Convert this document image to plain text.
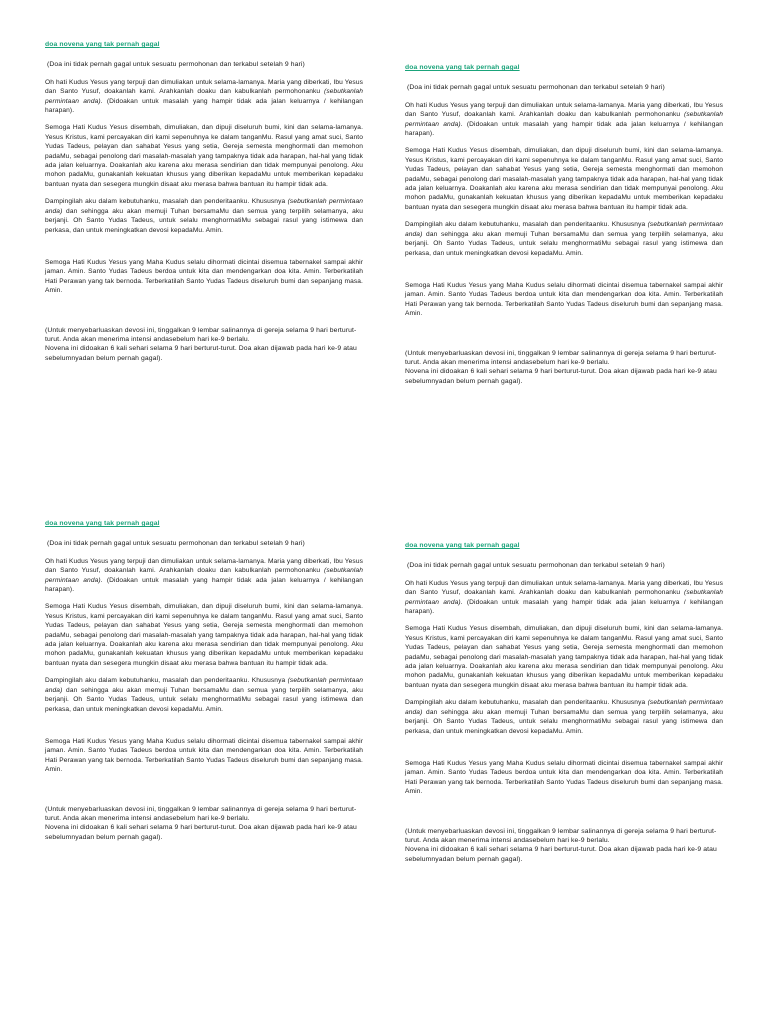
doa novena yang tak pernah gagal
(Doa ini tidak pernah gagal untuk sesuatu permohonan dan terkabul setelah 9 hari)
Oh hati Kudus Yesus yang terpuji dan dimuliakan untuk selama-lamanya. Maria yang diberkati, Ibu Yesus dan Santo Yusuf, doakanlah kami. Arahkanlah doaku dan kabulkanlah permohonanku (sebutkanlah permintaan anda). (Didoakan untuk masalah yang hampir tidak ada jalan keluarnya / kehilangan harapan).
Semoga Hati Kudus Yesus disembah, dimuliakan, dan dipuji diseluruh bumi, kini dan selama-lamanya. Yesus Kristus, kami percayakan diri kami sepenuhnya ke dalam tanganMu. Rasul yang amat suci, Santo Yudas Tadeus, pelayan dan sahabat Yesus yang setia, Gereja semesta menghormati dan memohon padaMu, sebagai penolong dari masalah-masalah yang tampaknya tidak ada harapan, hal-hal yang tidak ada jalan keluarnya. Doakanlah aku karena aku merasa sendirian dan tidak mempunyai penolong. Aku mohon padaMu, gunakanlah kekuatan khusus yang diberikan kepadaMu untuk memberikan kepadaku bantuan nyata dan sesegera mungkin disaat aku merasa bahwa bantuan itu hampir tidak ada.
Dampingilah aku dalam kebutuhanku, masalah dan penderitaanku. Khususnya (sebutkanlah permintaan anda) dan sehingga aku akan memuji Tuhan bersamaMu dan semua yang terpilih selamanya, aku berjanji. Oh Santo Yudas Tadeus, untuk selalu menghormatiMu sebagai rasul yang istimewa dan perkasa, dan untuk meningkatkan devosi kepadaMu. Amin.
Semoga Hati Kudus Yesus yang Maha Kudus selalu dihormati dicintai disemua tabernakel sampai akhir jaman. Amin. Santo Yudas Tadeus berdoa untuk kita dan mendengarkan doa kita. Amin. Terberkatilah Hati Perawan yang tak bernoda. Terberkatilah Santo Yudas Tadeus diseluruh bumi dan sepanjang masa. Amin.
(Untuk menyebarluaskan devosi ini, tinggalkan 9 lembar salinannya di gereja selama 9 hari berturut-turut. Anda akan menerima intensi andasebelum hari ke-9 berlalu.
Novena ini didoakan 6 kali sehari selama 9 hari berturut-turut. Doa akan dijawab pada hari ke-9 atau sebelumnyadan belum pernah gagal).
doa novena yang tak pernah gagal
(Doa ini tidak pernah gagal untuk sesuatu permohonan dan terkabul setelah 9 hari)
Oh hati Kudus Yesus yang terpuji dan dimuliakan untuk selama-lamanya. Maria yang diberkati, Ibu Yesus dan Santo Yusuf, doakanlah kami. Arahkanlah doaku dan kabulkanlah permohonanku (sebutkanlah permintaan anda). (Didoakan untuk masalah yang hampir tidak ada jalan keluarnya / kehilangan harapan).
Semoga Hati Kudus Yesus disembah, dimuliakan, dan dipuji diseluruh bumi, kini dan selama-lamanya. Yesus Kristus, kami percayakan diri kami sepenuhnya ke dalam tanganMu. Rasul yang amat suci, Santo Yudas Tadeus, pelayan dan sahabat Yesus yang setia, Gereja semesta menghormati dan memohon padaMu, sebagai penolong dari masalah-masalah yang tampaknya tidak ada harapan, hal-hal yang tidak ada jalan keluarnya. Doakanlah aku karena aku merasa sendirian dan tidak mempunyai penolong. Aku mohon padaMu, gunakanlah kekuatan khusus yang diberikan kepadaMu untuk memberikan kepadaku bantuan nyata dan sesegera mungkin disaat aku merasa bahwa bantuan itu hampir tidak ada.
Dampingilah aku dalam kebutuhanku, masalah dan penderitaanku. Khususnya (sebutkanlah permintaan anda) dan sehingga aku akan memuji Tuhan bersamaMu dan semua yang terpilih selamanya, aku berjanji. Oh Santo Yudas Tadeus, untuk selalu menghormatiMu sebagai rasul yang istimewa dan perkasa, dan untuk meningkatkan devosi kepadaMu. Amin.
Semoga Hati Kudus Yesus yang Maha Kudus selalu dihormati dicintai disemua tabernakel sampai akhir jaman. Amin. Santo Yudas Tadeus berdoa untuk kita dan mendengarkan doa kita. Amin. Terberkatilah Hati Perawan yang tak bernoda. Terberkatilah Santo Yudas Tadeus diseluruh bumi dan sepanjang masa. Amin.
(Untuk menyebarluaskan devosi ini, tinggalkan 9 lembar salinannya di gereja selama 9 hari berturut-turut. Anda akan menerima intensi andasebelum hari ke-9 berlalu.
Novena ini didoakan 6 kali sehari selama 9 hari berturut-turut. Doa akan dijawab pada hari ke-9 atau sebelumnyadan belum pernah gagal).
doa novena yang tak pernah gagal
(Doa ini tidak pernah gagal untuk sesuatu permohonan dan terkabul setelah 9 hari)
Oh hati Kudus Yesus yang terpuji dan dimuliakan untuk selama-lamanya. Maria yang diberkati, Ibu Yesus dan Santo Yusuf, doakanlah kami. Arahkanlah doaku dan kabulkanlah permohonanku (sebutkanlah permintaan anda). (Didoakan untuk masalah yang hampir tidak ada jalan keluarnya / kehilangan harapan).
Semoga Hati Kudus Yesus disembah, dimuliakan, dan dipuji diseluruh bumi, kini dan selama-lamanya. Yesus Kristus, kami percayakan diri kami sepenuhnya ke dalam tanganMu. Rasul yang amat suci, Santo Yudas Tadeus, pelayan dan sahabat Yesus yang setia, Gereja semesta menghormati dan memohon padaMu, sebagai penolong dari masalah-masalah yang tampaknya tidak ada harapan, hal-hal yang tidak ada jalan keluarnya. Doakanlah aku karena aku merasa sendirian dan tidak mempunyai penolong. Aku mohon padaMu, gunakanlah kekuatan khusus yang diberikan kepadaMu untuk memberikan kepadaku bantuan nyata dan sesegera mungkin disaat aku merasa bahwa bantuan itu hampir tidak ada.
Dampingilah aku dalam kebutuhanku, masalah dan penderitaanku. Khususnya (sebutkanlah permintaan anda) dan sehingga aku akan memuji Tuhan bersamaMu dan semua yang terpilih selamanya, aku berjanji. Oh Santo Yudas Tadeus, untuk selalu menghormatiMu sebagai rasul yang istimewa dan perkasa, dan untuk meningkatkan devosi kepadaMu. Amin.
Semoga Hati Kudus Yesus yang Maha Kudus selalu dihormati dicintai disemua tabernakel sampai akhir jaman. Amin. Santo Yudas Tadeus berdoa untuk kita dan mendengarkan doa kita. Amin. Terberkatilah Hati Perawan yang tak bernoda. Terberkatilah Santo Yudas Tadeus diseluruh bumi dan sepanjang masa. Amin.
(Untuk menyebarluaskan devosi ini, tinggalkan 9 lembar salinannya di gereja selama 9 hari berturut-turut. Anda akan menerima intensi andasebelum hari ke-9 berlalu.
Novena ini didoakan 6 kali sehari selama 9 hari berturut-turut. Doa akan dijawab pada hari ke-9 atau sebelumnyadan belum pernah gagal).
doa novena yang tak pernah gagal
(Doa ini tidak pernah gagal untuk sesuatu permohonan dan terkabul setelah 9 hari)
Oh hati Kudus Yesus yang terpuji dan dimuliakan untuk selama-lamanya. Maria yang diberkati, Ibu Yesus dan Santo Yusuf, doakanlah kami. Arahkanlah doaku dan kabulkanlah permohonanku (sebutkanlah permintaan anda). (Didoakan untuk masalah yang hampir tidak ada jalan keluarnya / kehilangan harapan).
Semoga Hati Kudus Yesus disembah, dimuliakan, dan dipuji diseluruh bumi, kini dan selama-lamanya. Yesus Kristus, kami percayakan diri kami sepenuhnya ke dalam tanganMu. Rasul yang amat suci, Santo Yudas Tadeus, pelayan dan sahabat Yesus yang setia, Gereja semesta menghormati dan memohon padaMu, sebagai penolong dari masalah-masalah yang tampaknya tidak ada harapan, hal-hal yang tidak ada jalan keluarnya. Doakanlah aku karena aku merasa sendirian dan tidak mempunyai penolong. Aku mohon padaMu, gunakanlah kekuatan khusus yang diberikan kepadaMu untuk memberikan kepadaku bantuan nyata dan sesegera mungkin disaat aku merasa bahwa bantuan itu hampir tidak ada.
Dampingilah aku dalam kebutuhanku, masalah dan penderitaanku. Khususnya (sebutkanlah permintaan anda) dan sehingga aku akan memuji Tuhan bersamaMu dan semua yang terpilih selamanya, aku berjanji. Oh Santo Yudas Tadeus, untuk selalu menghormatiMu sebagai rasul yang istimewa dan perkasa, dan untuk meningkatkan devosi kepadaMu. Amin.
Semoga Hati Kudus Yesus yang Maha Kudus selalu dihormati dicintai disemua tabernakel sampai akhir jaman. Amin. Santo Yudas Tadeus berdoa untuk kita dan mendengarkan doa kita. Amin. Terberkatilah Hati Perawan yang tak bernoda. Terberkatilah Santo Yudas Tadeus diseluruh bumi dan sepanjang masa. Amin.
(Untuk menyebarluaskan devosi ini, tinggalkan 9 lembar salinannya di gereja selama 9 hari berturut-turut. Anda akan menerima intensi andasebelum hari ke-9 berlalu.
Novena ini didoakan 6 kali sehari selama 9 hari berturut-turut. Doa akan dijawab pada hari ke-9 atau sebelumnyadan belum pernah gagal).
